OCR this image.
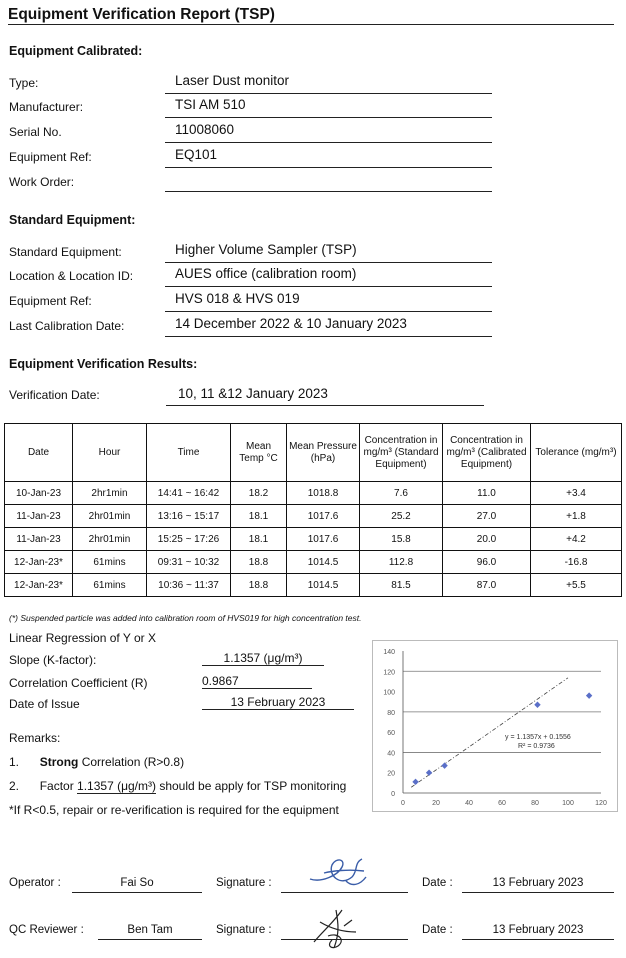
Equipment Verification Report (TSP)
Equipment Calibrated:
Type:	Laser Dust monitor
Manufacturer:	TSI AM 510
Serial No.	11008060
Equipment Ref:	EQ101
Work Order:
Standard Equipment:
Standard Equipment:	Higher Volume Sampler (TSP)
Location & Location ID:	AUES office (calibration room)
Equipment Ref:	HVS 018 & HVS 019
Last Calibration Date:	14 December 2022 & 10 January 2023
Equipment Verification Results:
Verification Date:	10, 11 &12 January 2023
Date	Hour	Time	Mean Temp °C	Mean Pressure (hPa)	Concentration in mg/m³ (Standard Equipment)	Concentration in mg/m³ (Calibrated Equipment)	Tolerance (mg/m³)
10-Jan-23	2hr1min	14:41 ~ 16:42	18.2	1018.8	7.6	11.0	+3.4
11-Jan-23	2hr01min	13:16 ~ 15:17	18.1	1017.6	25.2	27.0	+1.8
11-Jan-23	2hr01min	15:25 ~ 17:26	18.1	1017.6	15.8	20.0	+4.2
12-Jan-23*	61mins	09:31 ~ 10:32	18.8	1014.5	112.8	96.0	-16.8
12-Jan-23*	61mins	10:36 ~ 11:37	18.8	1014.5	81.5	87.0	+5.5
(*) Suspended particle was added into calibration room of HVS019 for high concentration test.
Linear Regression of Y or X
Slope (K-factor):	1.1357 (μg/m³)
Correlation Coefficient (R)	0.9867
Date of Issue	13 February 2023
Remarks:
1. Strong Correlation (R>0.8)
2. Factor 1.1357 (μg/m³) should be apply for TSP monitoring
*If R<0.5, repair or re-verification is required for the equipment
0
20
40
60
80
100
120
140
0	20	40	60	80	100	120
y = 1.1357x + 0.1556
R² = 0.9736
Operator :	Fai So	Signature :	Date :	13 February 2023
QC Reviewer :	Ben Tam	Signature :	Date :	13 February 2023
